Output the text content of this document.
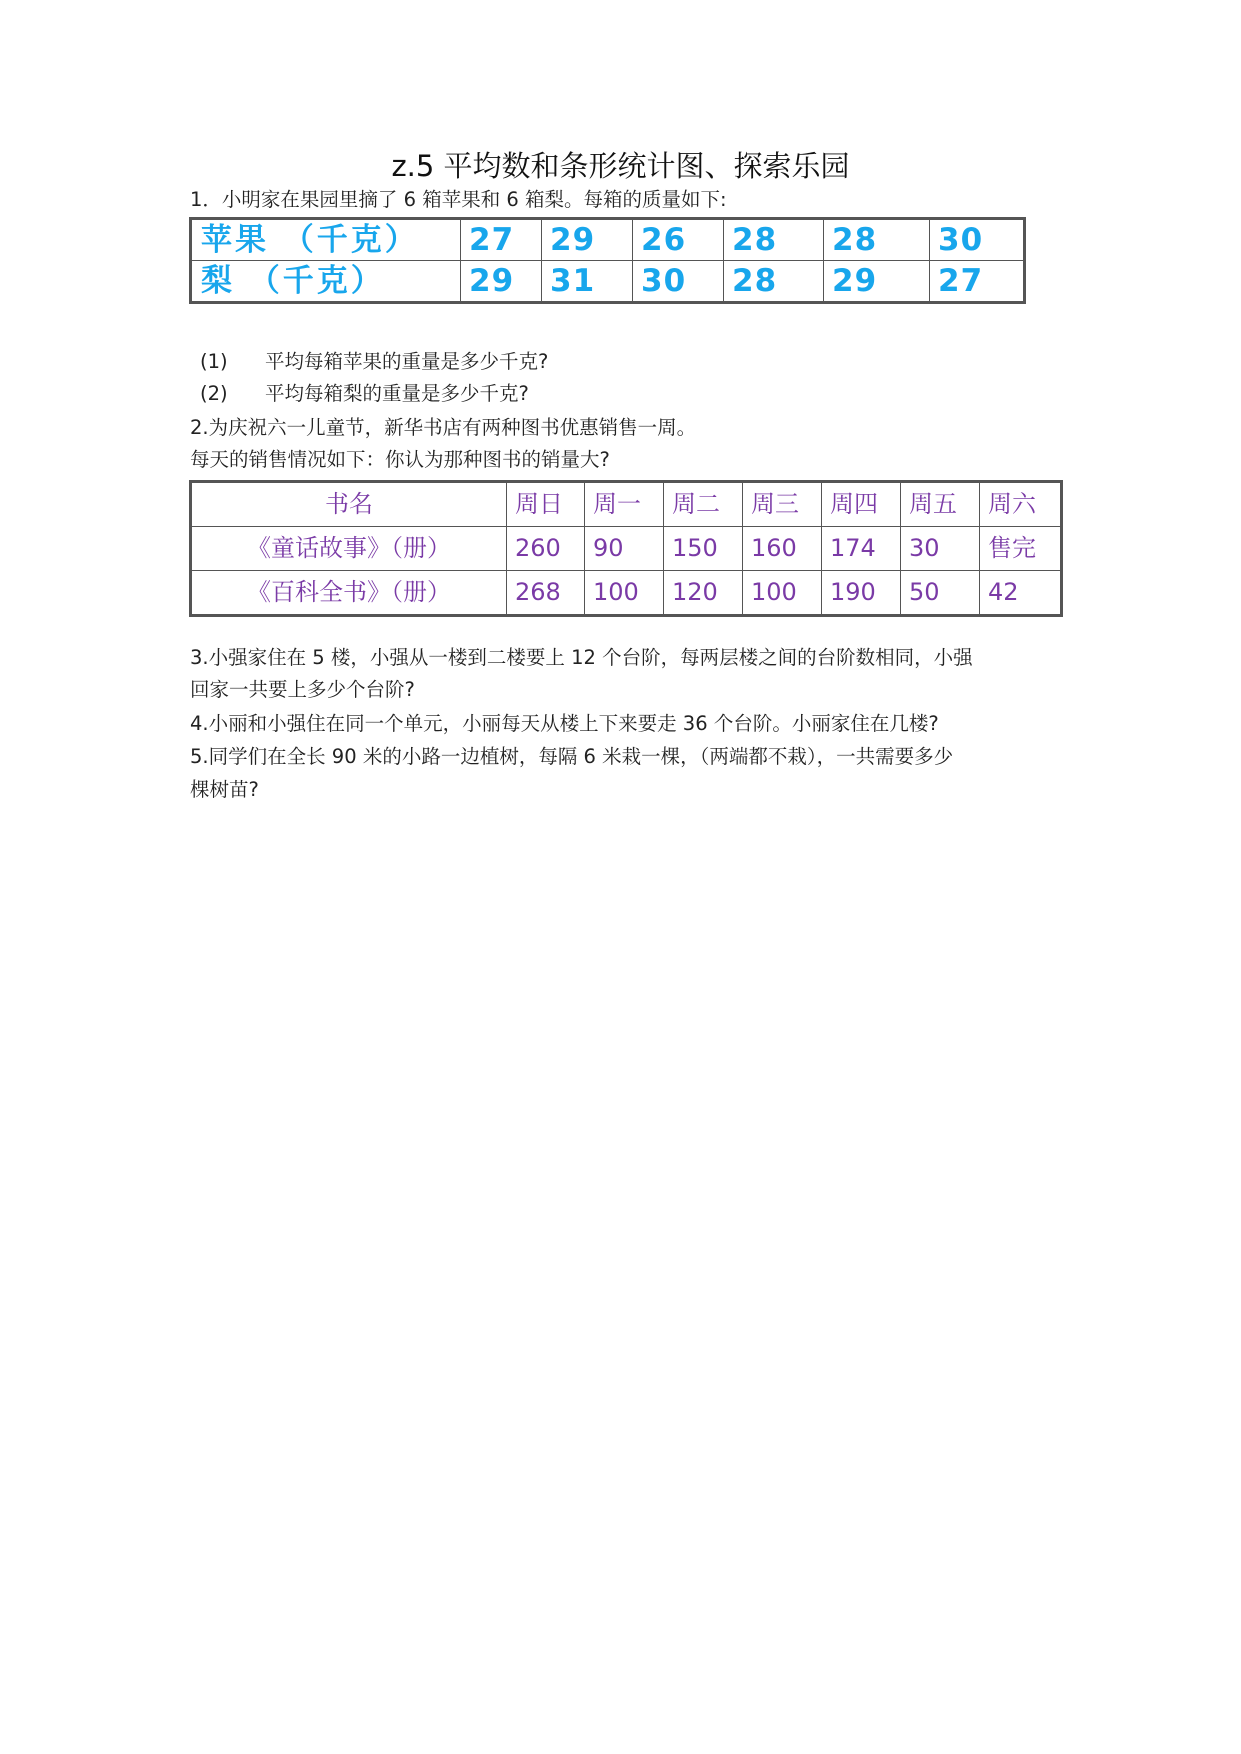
z.5 平均数和条形统计图、探索乐园
1．小明家在果园里摘了 6 箱苹果和 6 箱梨。每箱的质量如下:
苹果 （千克）	27	29	26	28	28	30
梨 （千克）	29	31	30	28	29	27
(1) 平均每箱苹果的重量是多少千克?
(2) 平均每箱梨的重量是多少千克?
2.为庆祝六一儿童节，新华书店有两种图书优惠销售一周。
每天的销售情况如下：你认为那种图书的销量大?
书名	周日	周一	周二	周三	周四	周五	周六
《童话故事》（册）	260	90	150	160	174	30	售完
《百科全书》（册）	268	100	120	100	190	50	42
3.小强家住在 5 楼，小强从一楼到二楼要上 12 个台阶，每两层楼之间的台阶数相同，小强
回家一共要上多少个台阶?
4.小丽和小强住在同一个单元，小丽每天从楼上下来要走 36 个台阶。小丽家住在几楼?
5.同学们在全长 90 米的小路一边植树，每隔 6 米栽一棵，（两端都不栽），一共需要多少
棵树苗?
